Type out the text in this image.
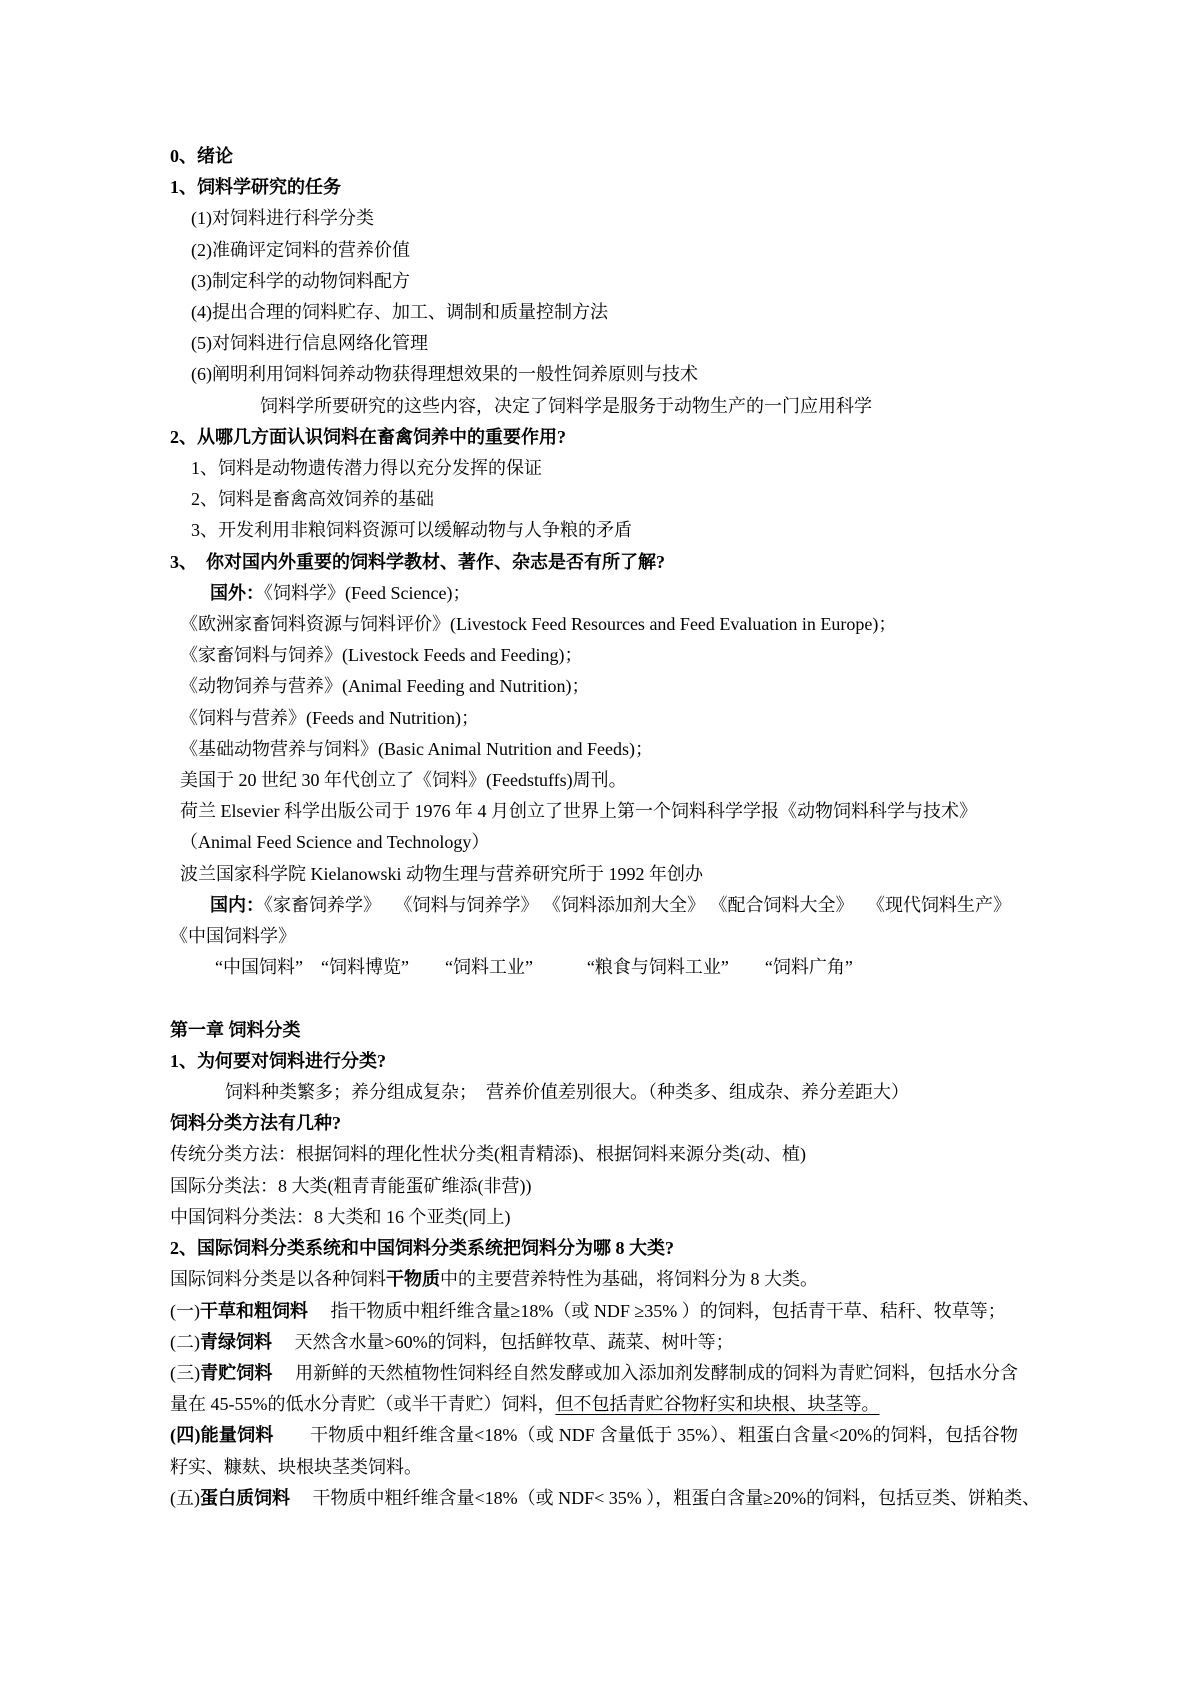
0、绪论

1、饲料学研究的任务

(1)对饲料进行科学分类

(2)准确评定饲料的营养价值

(3)制定科学的动物饲料配方

(4)提出合理的饲料贮存、加工、调制和质量控制方法

(5)对饲料进行信息网络化管理

(6)阐明利用饲料饲养动物获得理想效果的一般性饲养原则与技术

饲料学所要研究的这些内容，决定了饲料学是服务于动物生产的一门应用科学

2、从哪几方面认识饲料在畜禽饲养中的重要作用?

1、饲料是动物遗传潜力得以充分发挥的保证

2、饲料是畜禽高效饲养的基础

3、开发利用非粮饲料资源可以缓解动物与人争粮的矛盾

3、　你对国内外重要的饲料学教材、著作、杂志是否有所了解?

国外：《饲料学》(Feed Science)；

《欧洲家畜饲料资源与饲料评价》(Livestock Feed Resources and Feed Evaluation in Europe)；

《家畜饲料与饲养》(Livestock Feeds and Feeding)；

《动物饲养与营养》(Animal Feeding and Nutrition)；

《饲料与营养》(Feeds and Nutrition)；

《基础动物营养与饲料》(Basic Animal Nutrition and Feeds)；

美国于 20 世纪 30 年代创立了《饲料》(Feedstuffs)周刊。

荷兰 Elsevier 科学出版公司于 1976 年 4 月创立了世界上第一个饲料科学学报《动物饲料科学与技术》

（Animal Feed Science and Technology）

波兰国家科学院 Kielanowski 动物生理与营养研究所于 1992 年创办

国内：《家畜饲养学》　 《饲料与饲养学》 《饲料添加剂大全》 《配合饲料大全》　 《现代饲料生产》

《中国饲料学》

“中国饲料”　“饲料博览”　　“饲料工业”　　　“粮食与饲料工业”　　“饲料广角”

第一章 饲料分类

1、为何要对饲料进行分类?

饲料种类繁多；养分组成复杂；　营养价值差别很大。（种类多、组成杂、养分差距大）

饲料分类方法有几种?

传统分类方法：根据饲料的理化性状分类(粗青精添)、根据饲料来源分类(动、植)

国际分类法：8 大类(粗青青能蛋矿维添(非营))

中国饲料分类法：8 大类和 16 个亚类(同上)

2、国际饲料分类系统和中国饲料分类系统把饲料分为哪 8 大类?

国际饲料分类是以各种饲料干物质中的主要营养特性为基础，将饲料分为 8 大类。

(一)干草和粗饲料　 指干物质中粗纤维含量≥18%（或 NDF ≥35% ）的饲料，包括青干草、秸秆、牧草等；

(二)青绿饲料　 天然含水量>60%的饲料，包括鲜牧草、蔬菜、树叶等；

(三)青贮饲料　 用新鲜的天然植物性饲料经自然发酵或加入添加剂发酵制成的饲料为青贮饲料，包括水分含量在 45-55%的低水分青贮（或半干青贮）饲料，但不包括青贮谷物籽实和块根、块茎等。

(四)能量饲料　　干物质中粗纤维含量<18%（或 NDF 含量低于 35%）、粗蛋白含量<20%的饲料，包括谷物籽实、糠麸、块根块茎类饲料。

(五)蛋白质饲料　 干物质中粗纤维含量<18%（或 NDF< 35% ），粗蛋白含量≥20%的饲料，包括豆类、饼粕类、
